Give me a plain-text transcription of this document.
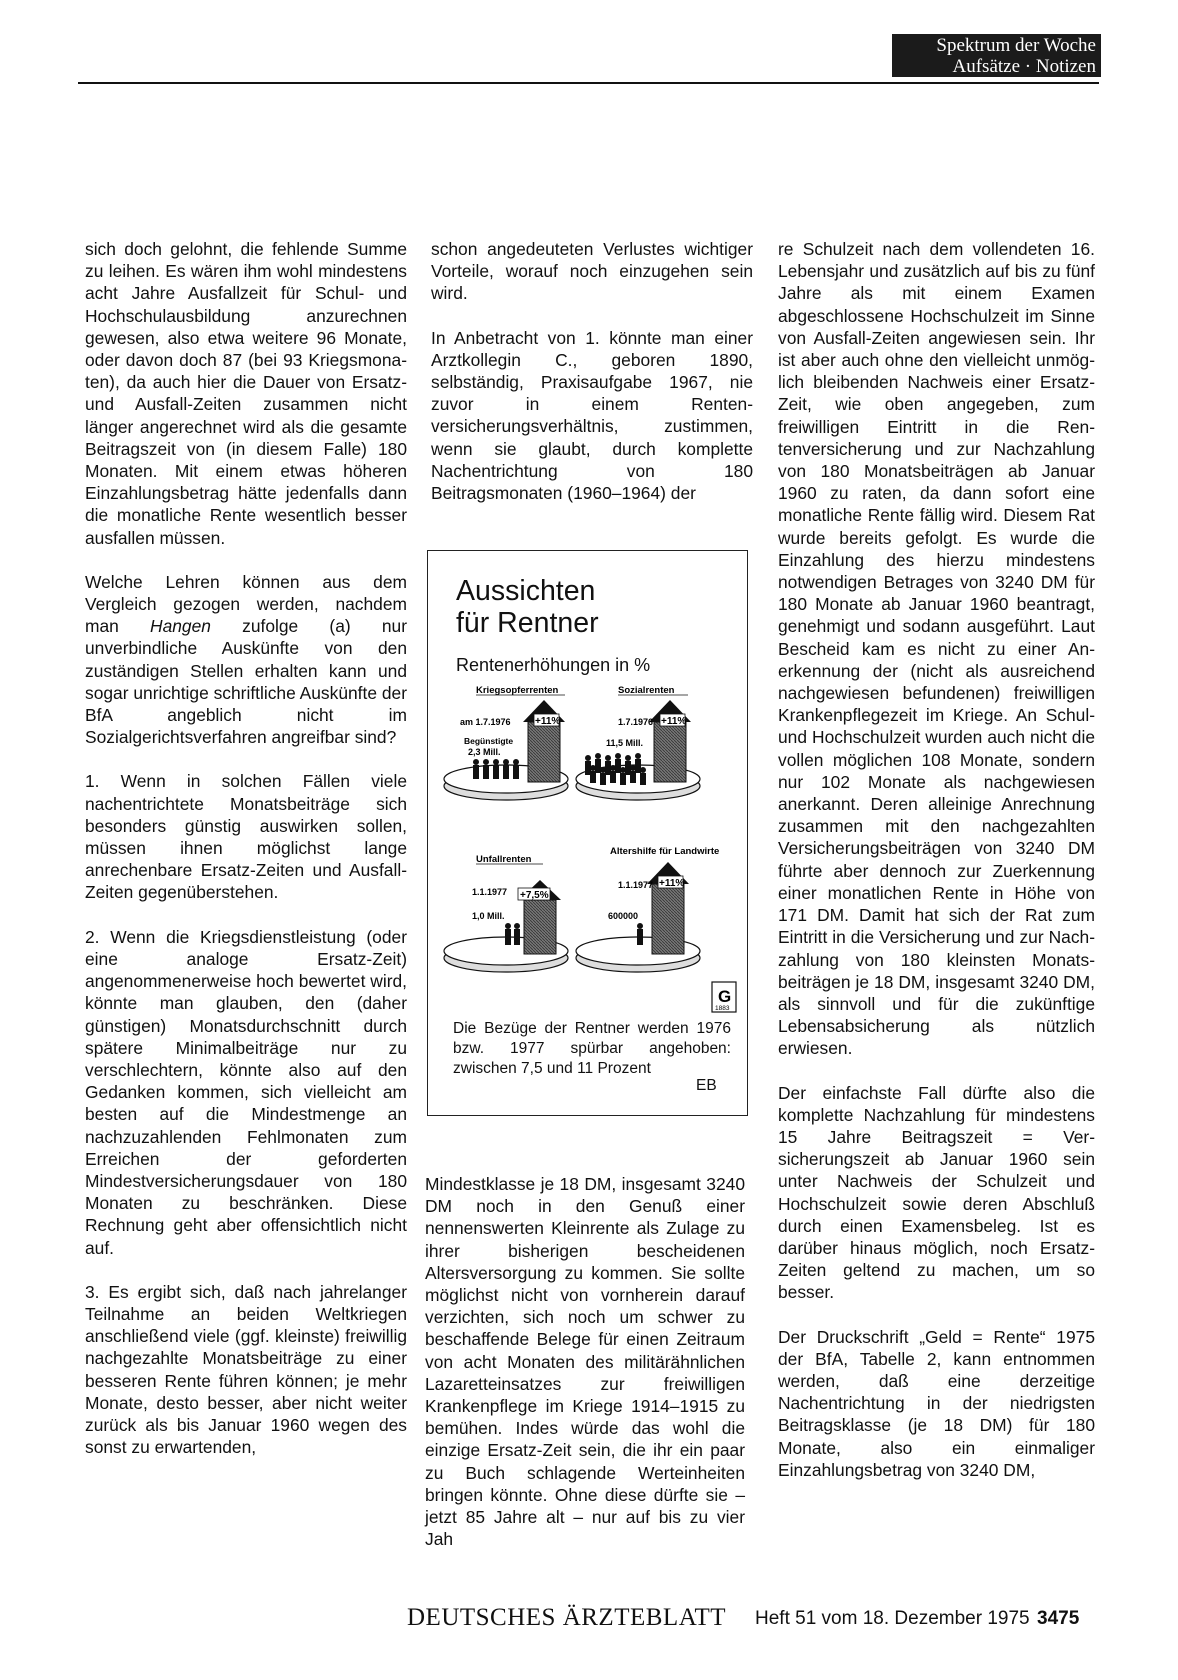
Spektrum der Woche
Aufsätze · Notizen

sich doch gelohnt, die fehlende Summe zu leihen. Es wären ihm wohl mindestens acht Jahre Ausfallzeit für Schul- und Hochschulausbildung anzurechnen gewesen, also etwa weitere 96 Monate, oder davon doch 87 (bei 93 Kriegsmonaten), da auch hier die Dauer von Ersatz- und Ausfall-Zeiten zusammen nicht länger angerechnet wird als die gesamte Beitragszeit von (in diesem Falle) 180 Monaten. Mit einem etwas höheren Einzahlungsbetrag hätte jedenfalls dann die monatliche Rente wesentlich besser ausfallen müssen.

Welche Lehren können aus dem Vergleich gezogen werden, nachdem man Hangen zufolge (a) nur unverbindliche Auskünfte von den zuständigen Stellen erhalten kann und sogar unrichtige schriftliche Auskünfte der BfA angeblich nicht im Sozialgerichtsverfahren angreifbar sind?

1. Wenn in solchen Fällen viele nachentrichtete Monatsbeiträge sich besonders günstig auswirken sollen, müssen ihnen möglichst lange anrechenbare Ersatz-Zeiten und Ausfall-Zeiten gegenüberstehen.

2. Wenn die Kriegsdienstleistung (oder eine analoge Ersatz-Zeit) angenommenerweise hoch bewertet wird, könnte man glauben, den (daher günstigen) Monatsdurchschnitt durch spätere Minimalbeiträge nur zu verschlechtern, könnte also auf den Gedanken kommen, sich vielleicht am besten auf die Mindestmenge an nachzuzahlenden Fehlmonaten zum Erreichen der geforderten Mindestversicherungsdauer von 180 Monaten zu beschränken. Diese Rechnung geht aber offensichtlich nicht auf.

3. Es ergibt sich, daß nach jahrelanger Teilnahme an beiden Weltkriegen anschließend viele (ggf. kleinste) freiwillig nachgezahlte Monatsbeiträge zu einer besseren Rente führen können; je mehr Monate, desto besser, aber nicht weiter zurück als bis Januar 1960 wegen des sonst zu erwartenden,

schon angedeuteten Verlustes wichtiger Vorteile, worauf noch einzugehen sein wird.

In Anbetracht von 1. könnte man einer Arztkollegin C., geboren 1890, selbständig, Praxisaufgabe 1967, nie zuvor in einem Rentenversicherungsverhältnis, zustimmen, wenn sie glaubt, durch komplette Nachentrichtung von 180 Beitragsmonaten (1960–1964) der

Aussichten
für Rentner
Rentenerhöhungen in %
Kriegsopferrenten
+11%
am 1.7.1976
Begünstigte
2,3 Mill.
Sozialrenten
+11%
1.7.1976
11,5 Mill.
Unfallrenten
+7,5%
1.1.1977
1,0 Mill.
Altershilfe für Landwirte
+11%
1.1.1977
600000
G
1883
Die Bezüge der Rentner werden 1976 bzw. 1977 spürbar angehoben: zwischen 7,5 und 11 Prozent
EB

Mindestklasse je 18 DM, insgesamt 3240 DM noch in den Genuß einer nennenswerten Kleinrente als Zulage zu ihrer bisherigen bescheidenen Altersversorgung zu kommen. Sie sollte möglichst nicht von vornherein darauf verzichten, sich noch um schwer zu beschaffende Belege für einen Zeitraum von acht Monaten des militärähnlichen Lazaretteinsatzes zur freiwilligen Krankenpflege im Kriege 1914–1915 zu bemühen. Indes würde das wohl die einzige Ersatz-Zeit sein, die ihr ein paar zu Buch schlagende Werteinheiten bringen könnte. Ohne diese dürfte sie – jetzt 85 Jahre alt – nur auf bis zu vier Jah

re Schulzeit nach dem vollendeten 16. Lebensjahr und zusätzlich auf bis zu fünf Jahre als mit einem Examen abgeschlossene Hochschulzeit im Sinne von Ausfall-Zeiten angewiesen sein. Ihr ist aber auch ohne den vielleicht unmöglich bleibenden Nachweis einer Ersatz-Zeit, wie oben angegeben, zum freiwilligen Eintritt in die Rentenversicherung und zur Nachzahlung von 180 Monatsbeiträgen ab Januar 1960 zu raten, da dann sofort eine monatliche Rente fällig wird. Diesem Rat wurde bereits gefolgt. Es wurde die Einzahlung des hierzu mindestens notwendigen Betrages von 3240 DM für 180 Monate ab Januar 1960 beantragt, genehmigt und sodann ausgeführt. Laut Bescheid kam es nicht zu einer Anerkennung der (nicht als ausreichend nachgewiesen befundenen) freiwilligen Krankenpflegezeit im Kriege. An Schul- und Hochschulzeit wurden auch nicht die vollen möglichen 108 Monate, sondern nur 102 Monate als nachgewiesen anerkannt. Deren alleinige Anrechnung zusammen mit den nachgezahlten Versicherungsbeiträgen von 3240 DM führte aber dennoch zur Zuerkennung einer monatlichen Rente in Höhe von 171 DM. Damit hat sich der Rat zum Eintritt in die Versicherung und zur Nachzahlung von 180 kleinsten Monatsbeiträgen je 18 DM, insgesamt 3240 DM, als sinnvoll und für die zukünftige Lebensabsicherung als nützlich erwiesen.

Der einfachste Fall dürfte also die komplette Nachzahlung für mindestens 15 Jahre Beitragszeit = Versicherungszeit ab Januar 1960 sein unter Nachweis der Schulzeit und Hochschulzeit sowie deren Abschluß durch einen Examensbeleg. Ist es darüber hinaus möglich, noch Ersatz-Zeiten geltend zu machen, um so besser.

Der Druckschrift „Geld = Rente“ 1975 der BfA, Tabelle 2, kann entnommen werden, daß eine derzeitige Nachentrichtung in der niedrigsten Beitragsklasse (je 18 DM) für 180 Monate, also ein einmaliger Einzahlungsbetrag von 3240 DM,

DEUTSCHES ÄRZTEBLATT Heft 51 vom 18. Dezember 1975 3475
